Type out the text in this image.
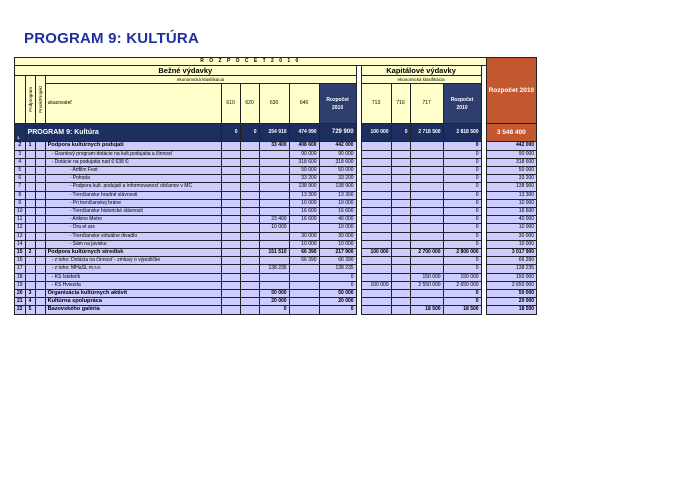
PROGRAM 9: KULTÚRA
R O Z P O Č E T 2 0 1 0															Rozpočet 2010
Bežné výdavky										Kapitálové výdavky					

	Podprogram	Prvok/Projekt	ekonomická klasifikácia							ekonomická klasifikácia					
			ukazovateľ	610	620	630	640	Rozpočet 2010		713	716	717	Rozpočet 2010		
1.	PROGRAM 9: Kultúra			0	0	254 910	474 990	729 900		100 000	0	2 718 500	2 818 500		3 548 400
2	1		Podpora kultúrnych podujatí			33 400	408 600	442 000					0		442 000
3			- Grantový program-dotácie na kult.podujatia a činnosť				90 000	90 000					0		90 000
4			- Dotácie na podujatia nad 6 638 €:				318 600	318 600					0		318 600
5			- Artfilm Fest				50 000	50 000					0		50 000
6			- Pohoda				33 200	33 200					0		33 200
7			- Podpora kult. podujatí a informovanosť občanov v MČ				138 900	138 900					0		138 900
8			- Trenčianske hradné slávnosti				13 300	13 300					0		13 300
9			- Pri trenčianskej bráne				10 000	10 000					0		10 000
10			- Trenčianske historické slávnosti				16 600	16 600					0		16 600
11			- Artkino Metro			23 400	16 600	40 000					0		40 000
12			- Ora et ars			10 000		10 000					0		10 000
13			- Trenčianske virtuálne divadlo				30 000	30 000					0		30 000
14			- Sám na javisku				10 000	10 000					0		10 000
15	2		Podpora kultúrnych stredísk			151 510	66 390	217 900		100 000		2 700 000	2 800 000		3 017 900
16			- z toho: Dotácia na činnosť - zmluvy o výpožičke				66 390	66 390					0		66 390
17			- z toho: MHaSL m.r.o.			138 235		138 235					0		138 235
18			- KS Istebník					0				150 000	150 000		150 000
19			- KS Hviezda					0		100 000		2 550 000	2 650 000		2 650 000
20	3		Organizácia kultúrnych aktivít			50 000		50 000					0		50 000
21	4		Kultúrna spolupráca			20 000		20 000					0		20 000
22	5		Bazovského galéria			0		0				18 500	18 500		18 500
